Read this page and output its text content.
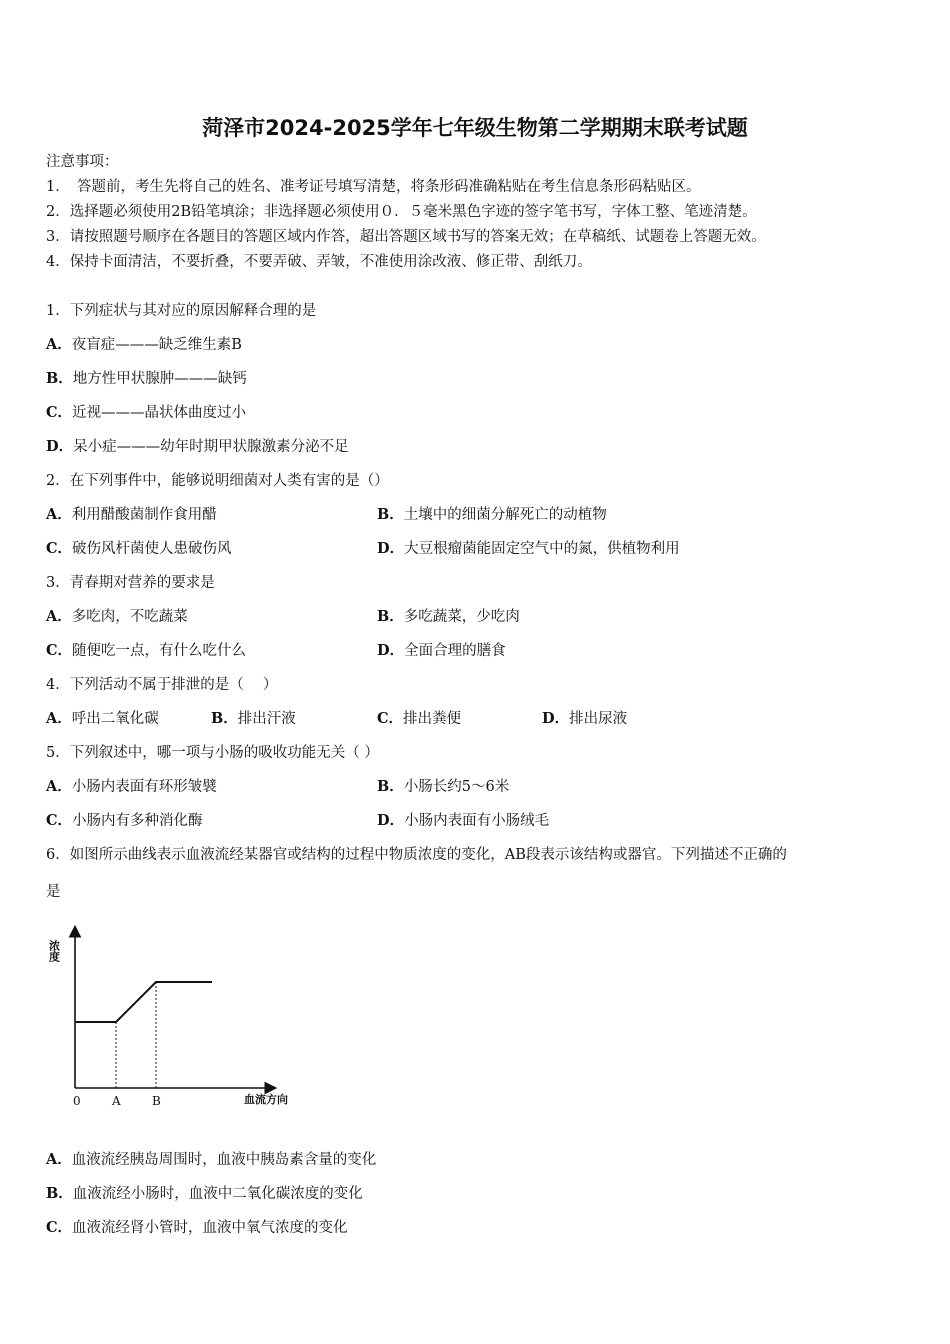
菏泽市2024-2025学年七年级生物第二学期期末联考试题
注意事项：
1．　答题前，考生先将自己的姓名、准考证号填写清楚，将条形码准确粘贴在考生信息条形码粘贴区。
2．选择题必须使用2B铅笔填涂；非选择题必须使用０．５毫米黑色字迹的签字笔书写，字体工整、笔迹清楚。
3．请按照题号顺序在各题目的答题区域内作答，超出答题区域书写的答案无效；在草稿纸、试题卷上答题无效。
4．保持卡面清洁，不要折叠，不要弄破、弄皱，不准使用涂改液、修正带、刮纸刀。
1．下列症状与其对应的原因解释合理的是
A．夜盲症———缺乏维生素B
B．地方性甲状腺肿———缺钙
C．近视———晶状体曲度过小
D．呆小症———幼年时期甲状腺激素分泌不足
2．在下列事件中，能够说明细菌对人类有害的是（）
A．利用醋酸菌制作食用醋	B．土壤中的细菌分解死亡的动植物
C．破伤风杆菌使人患破伤风	D．大豆根瘤菌能固定空气中的氮，供植物利用
3．青春期对营养的要求是
A．多吃肉，不吃蔬菜	B．多吃蔬菜，少吃肉
C．随便吃一点，有什么吃什么	D．全面合理的膳食
4．下列活动不属于排泄的是（　 ）
A．呼出二氧化碳	B．排出汗液	C．排出粪便	D．排出尿液
5．下列叙述中，哪一项与小肠的吸收功能无关（ ）
A．小肠内表面有环形皱襞	B．小肠长约5～6米
C．小肠内有多种消化酶	D．小肠内表面有小肠绒毛
6．如图所示曲线表示血液流经某器官或结构的过程中物质浓度的变化，AB段表示该结构或器官。下列描述不正确的
是
浓度
血流方向
0	A	B
A．血液流经胰岛周围时，血液中胰岛素含量的变化
B．血液流经小肠时，血液中二氧化碳浓度的变化
C．血液流经肾小管时，血液中氧气浓度的变化
